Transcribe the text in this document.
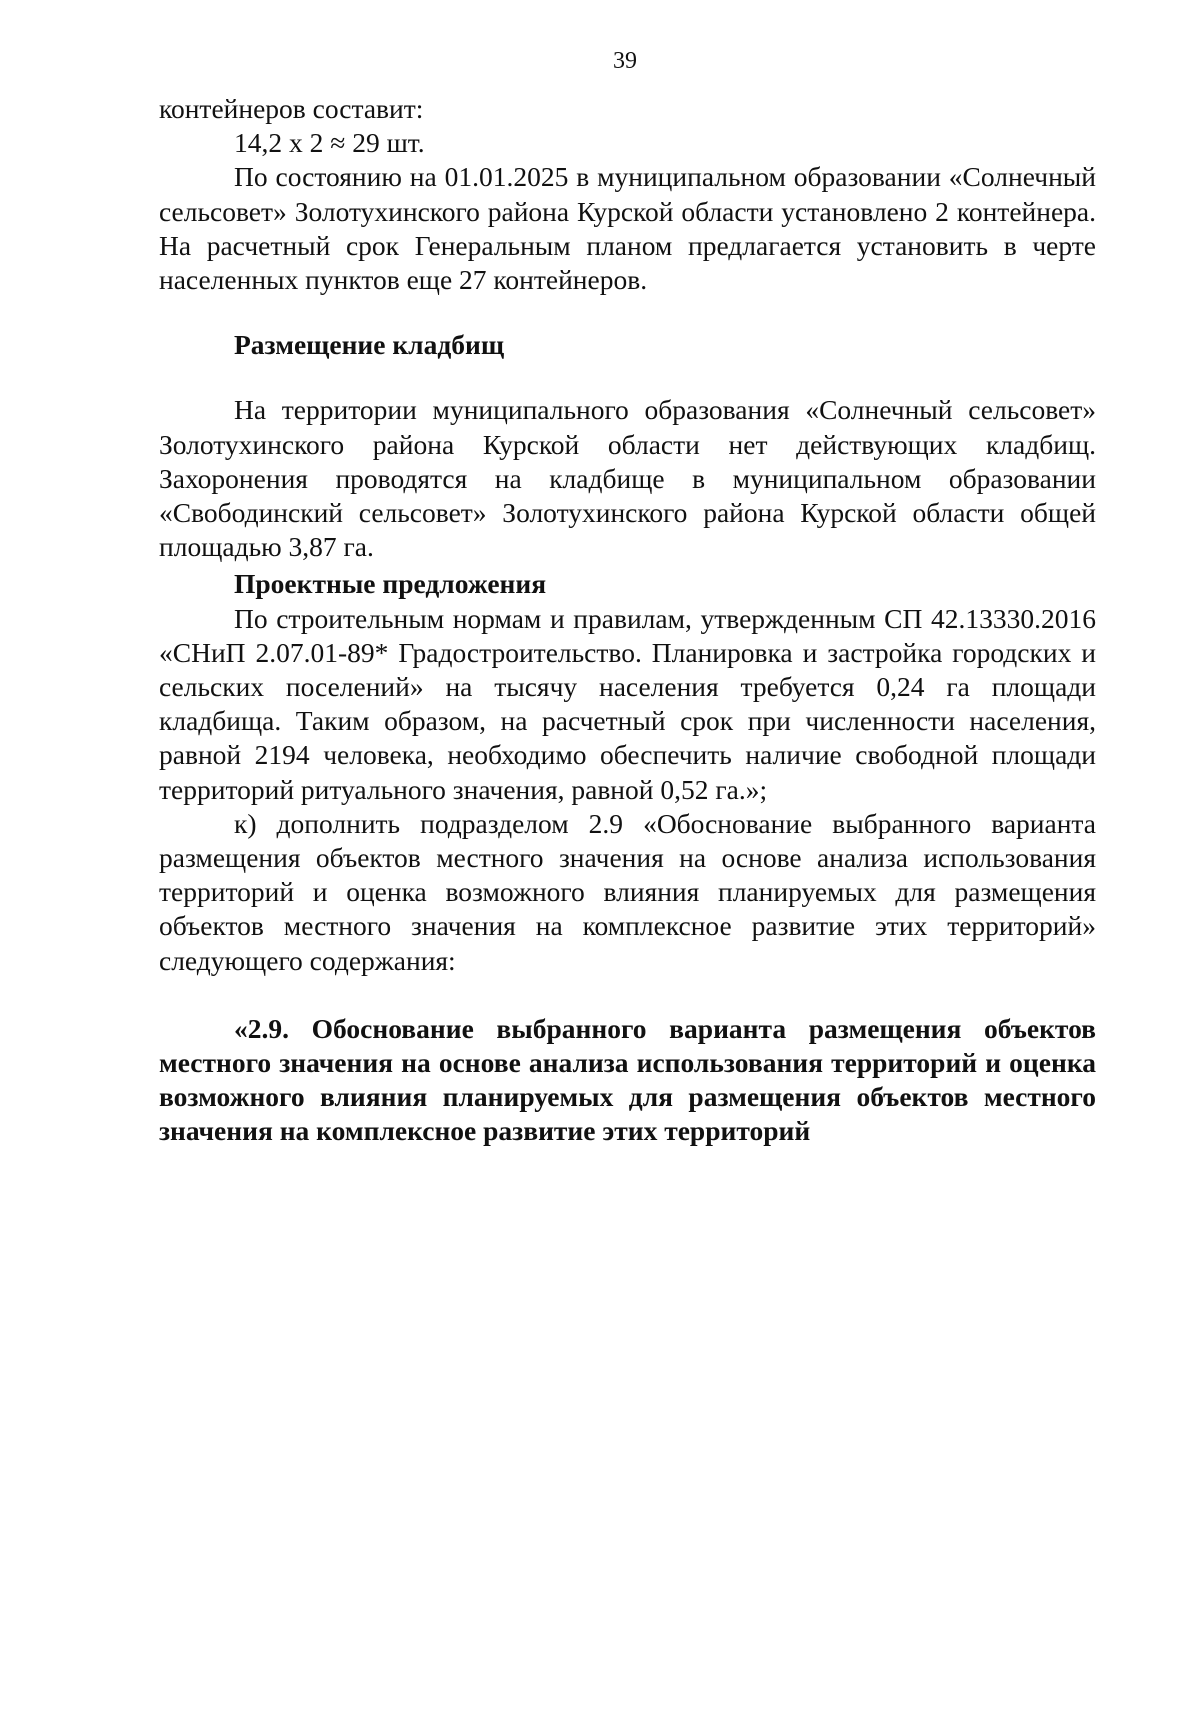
39

контейнеров составит:

14,2 х 2 ≈ 29 шт.

По состоянию на 01.01.2025 в муниципальном образовании «Солнечный сельсовет» Золотухинского района Курской области установлено 2 контейнера. На расчетный срок Генеральным планом предлагается установить в черте населенных пунктов еще 27 контейнеров.

Размещение кладбищ

На территории муниципального образования «Солнечный сельсовет» Золотухинского района Курской области нет действующих кладбищ. Захоронения проводятся на кладбище в муниципальном образовании «Свободинский сельсовет» Золотухинского района Курской области общей площадью 3,87 га.

Проектные предложения

По строительным нормам и правилам, утвержденным СП 42.13330.2016 «СНиП 2.07.01-89* Градостроительство. Планировка и застройка городских и сельских поселений» на тысячу населения требуется 0,24 га площади кладбища. Таким образом, на расчетный срок при численности населения, равной 2194 человека, необходимо обеспечить наличие свободной площади территорий ритуального значения, равной 0,52 га.»;

к) дополнить подразделом 2.9 «Обоснование выбранного варианта размещения объектов местного значения на основе анализа использования территорий и оценка возможного влияния планируемых для размещения объектов местного значения на комплексное развитие этих территорий» следующего содержания:

«2.9. Обоснование выбранного варианта размещения объектов местного значения на основе анализа использования территорий и оценка возможного влияния планируемых для размещения объектов местного значения на комплексное развитие этих территорий
